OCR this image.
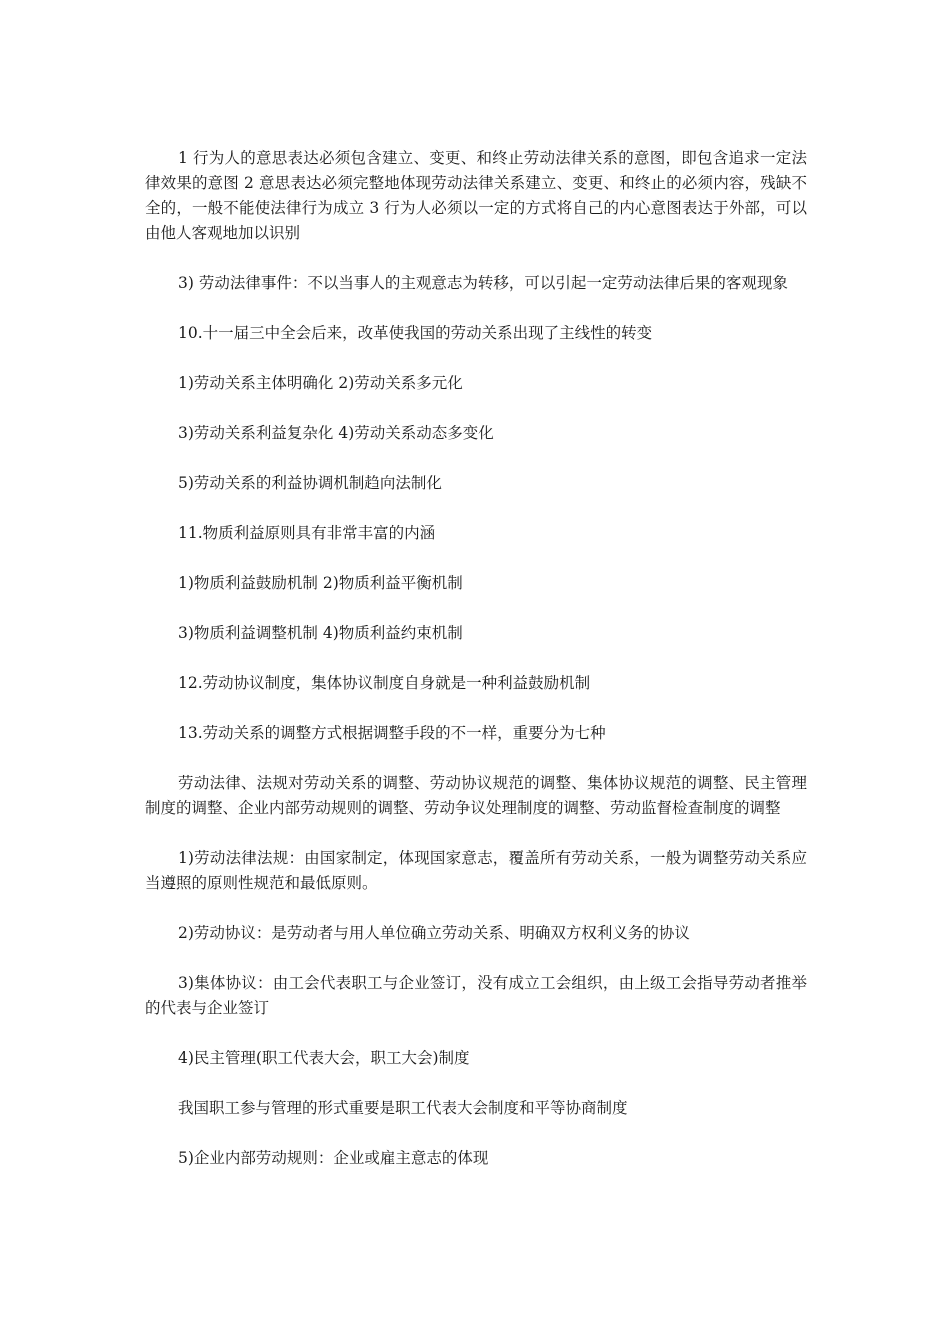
1 行为人的意思表达必须包含建立、变更、和终止劳动法律关系的意图，即包含追求一定法律效果的意图 2 意思表达必须完整地体现劳动法律关系建立、变更、和终止的必须内容，残缺不全的，一般不能使法律行为成立 3 行为人必须以一定的方式将自己的内心意图表达于外部，可以由他人客观地加以识别

3) 劳动法律事件：不以当事人的主观意志为转移，可以引起一定劳动法律后果的客观现象

10.十一届三中全会后来，改革使我国的劳动关系出现了主线性的转变

1)劳动关系主体明确化 2)劳动关系多元化

3)劳动关系利益复杂化 4)劳动关系动态多变化

5)劳动关系的利益协调机制趋向法制化

11.物质利益原则具有非常丰富的内涵

1)物质利益鼓励机制 2)物质利益平衡机制

3)物质利益调整机制 4)物质利益约束机制

12.劳动协议制度，集体协议制度自身就是一种利益鼓励机制

13.劳动关系的调整方式根据调整手段的不一样，重要分为七种

劳动法律、法规对劳动关系的调整、劳动协议规范的调整、集体协议规范的调整、民主管理制度的调整、企业内部劳动规则的调整、劳动争议处理制度的调整、劳动监督检查制度的调整

1)劳动法律法规：由国家制定，体现国家意志，覆盖所有劳动关系，一般为调整劳动关系应当遵照的原则性规范和最低原则。

2)劳动协议：是劳动者与用人单位确立劳动关系、明确双方权利义务的协议

3)集体协议：由工会代表职工与企业签订，没有成立工会组织，由上级工会指导劳动者推举的代表与企业签订

4)民主管理(职工代表大会，职工大会)制度

我国职工参与管理的形式重要是职工代表大会制度和平等协商制度

5)企业内部劳动规则：企业或雇主意志的体现
